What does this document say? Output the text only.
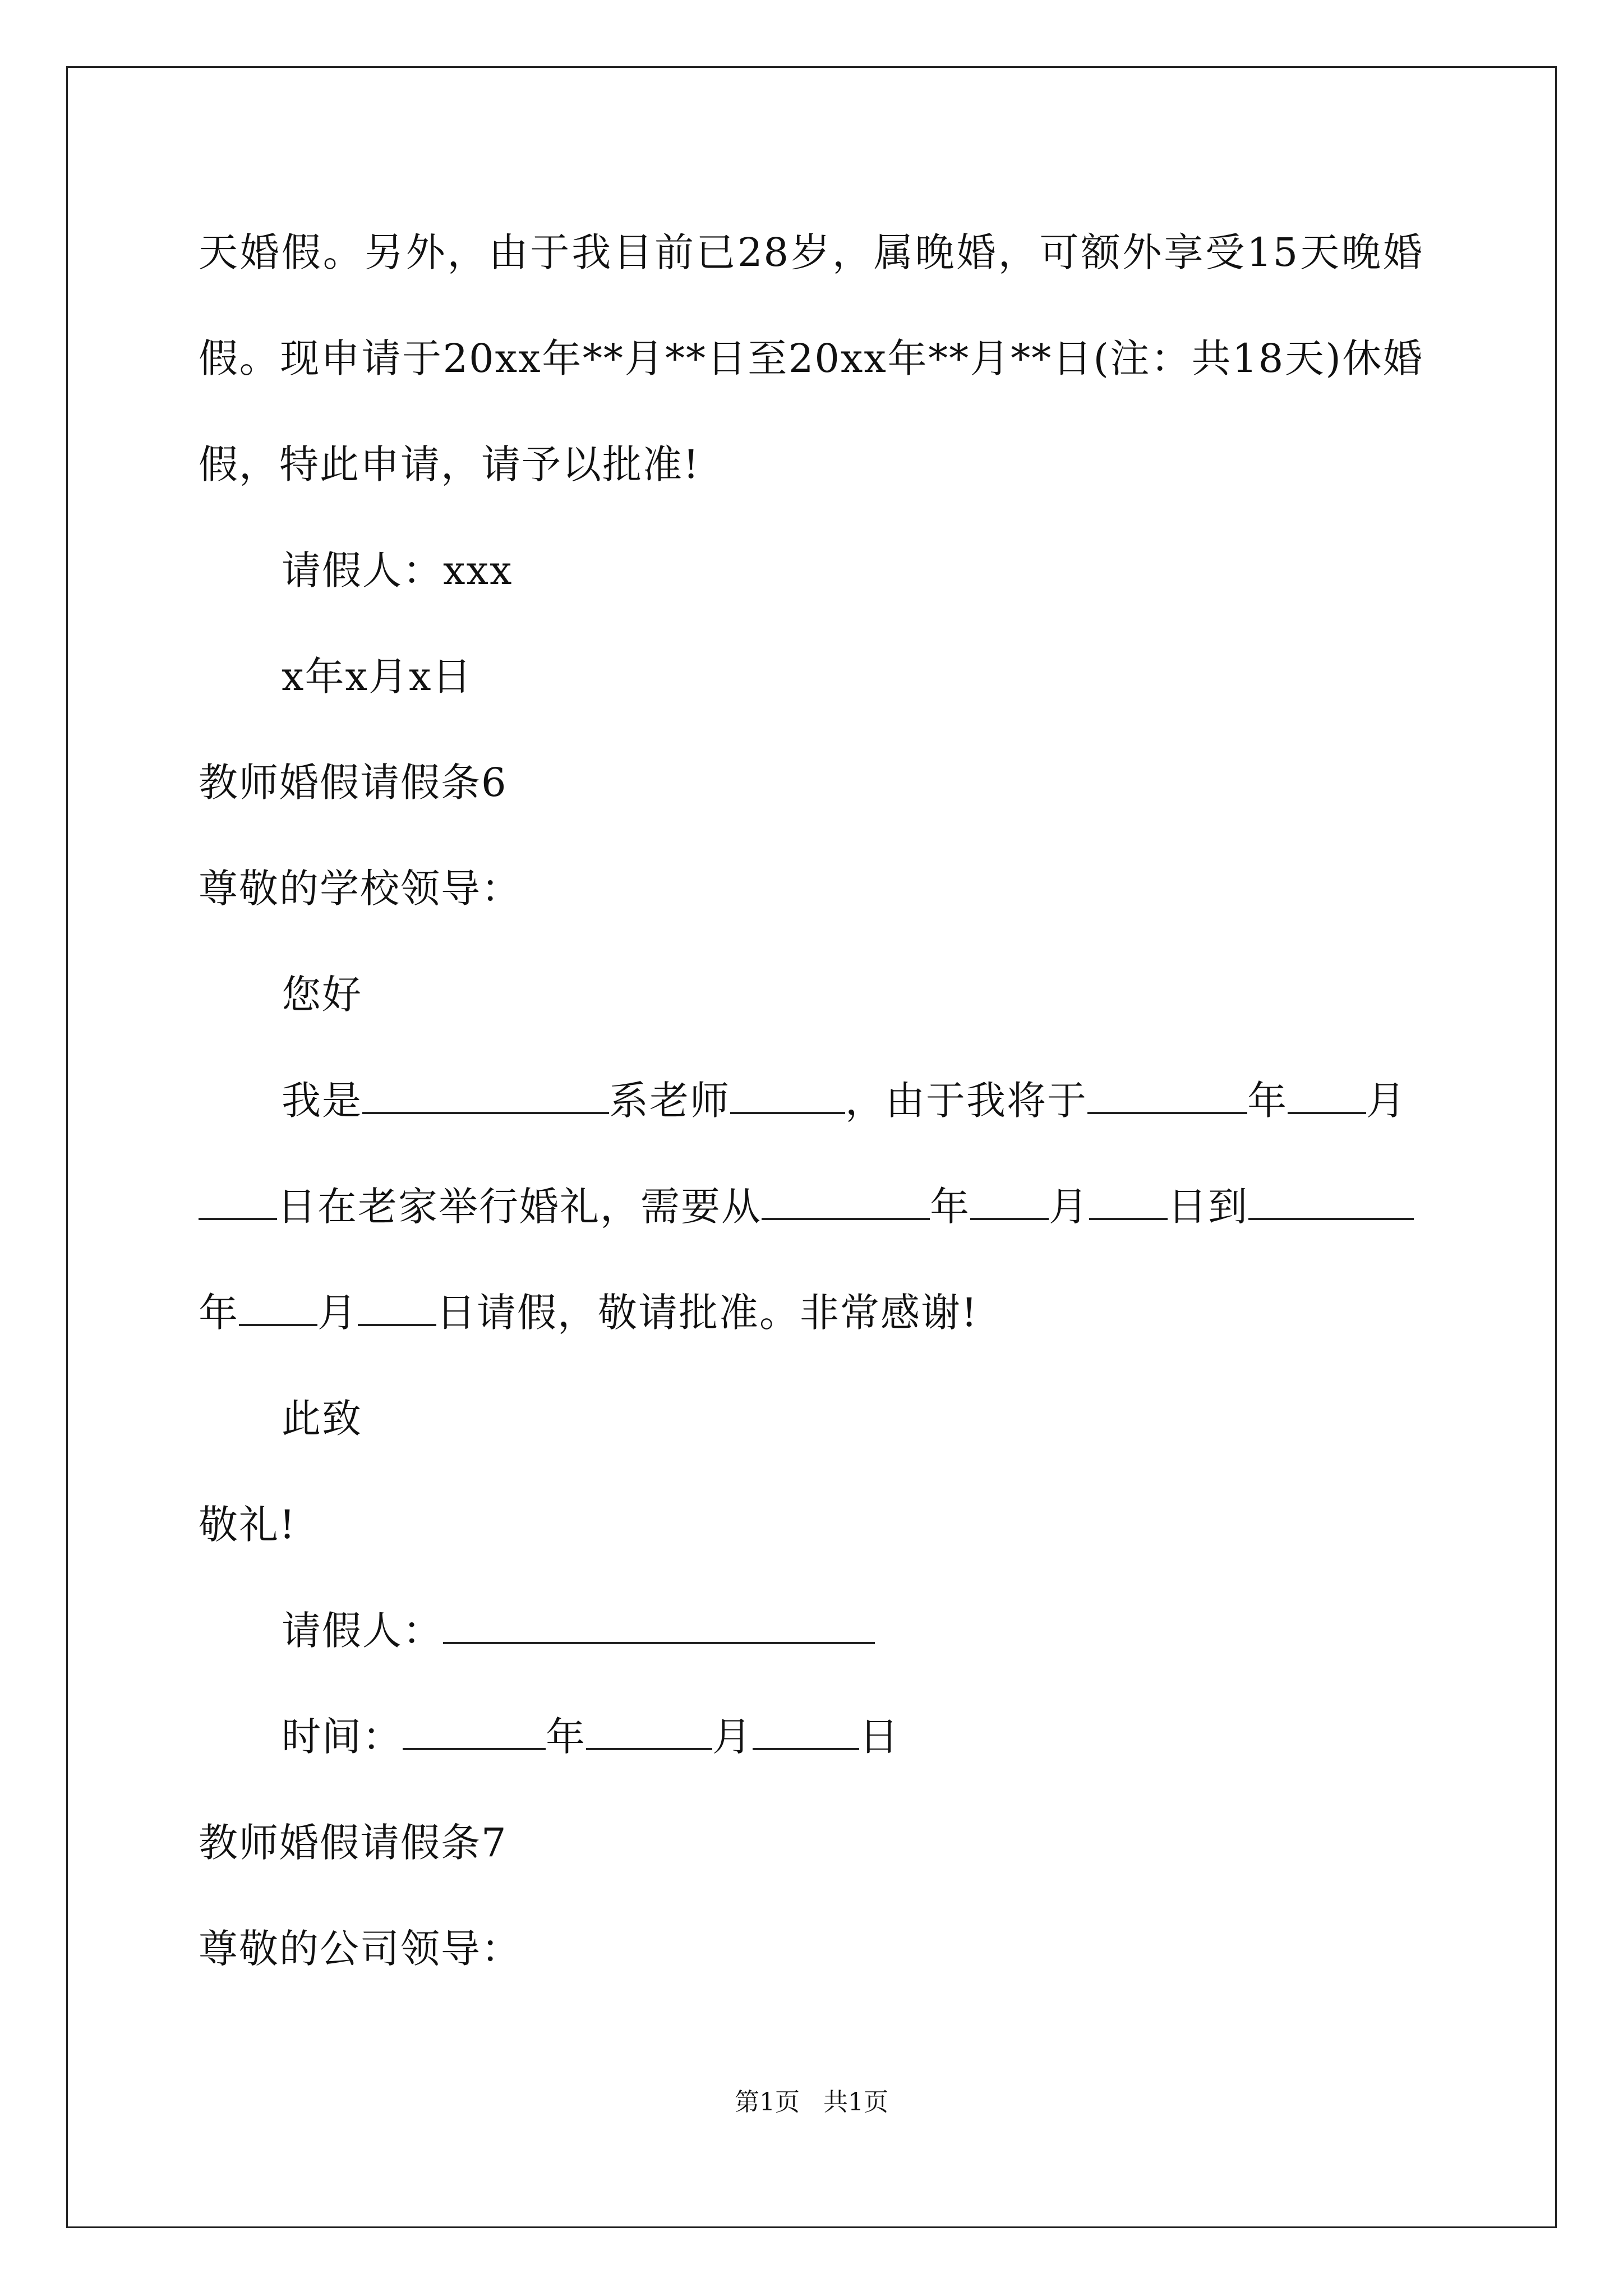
天婚假。另外，由于我目前已28岁，属晚婚，可额外享受15天晚婚
假。现申请于20xx年**月**日至20xx年**月**日(注：共18天)休婚
假，特此申请，请予以批准!
请假人：xxx
x年x月x日
教师婚假请假条6
尊敬的学校领导：
您好
我是	系老师	，由于我将于	年 月
日在老家举行婚礼，需要从	年 月 日到
年 月 日请假，敬请批准。非常感谢!
此致
敬礼!
请假人：
时间：	年	月	日
教师婚假请假条7
尊敬的公司领导：
第1页   共1页
